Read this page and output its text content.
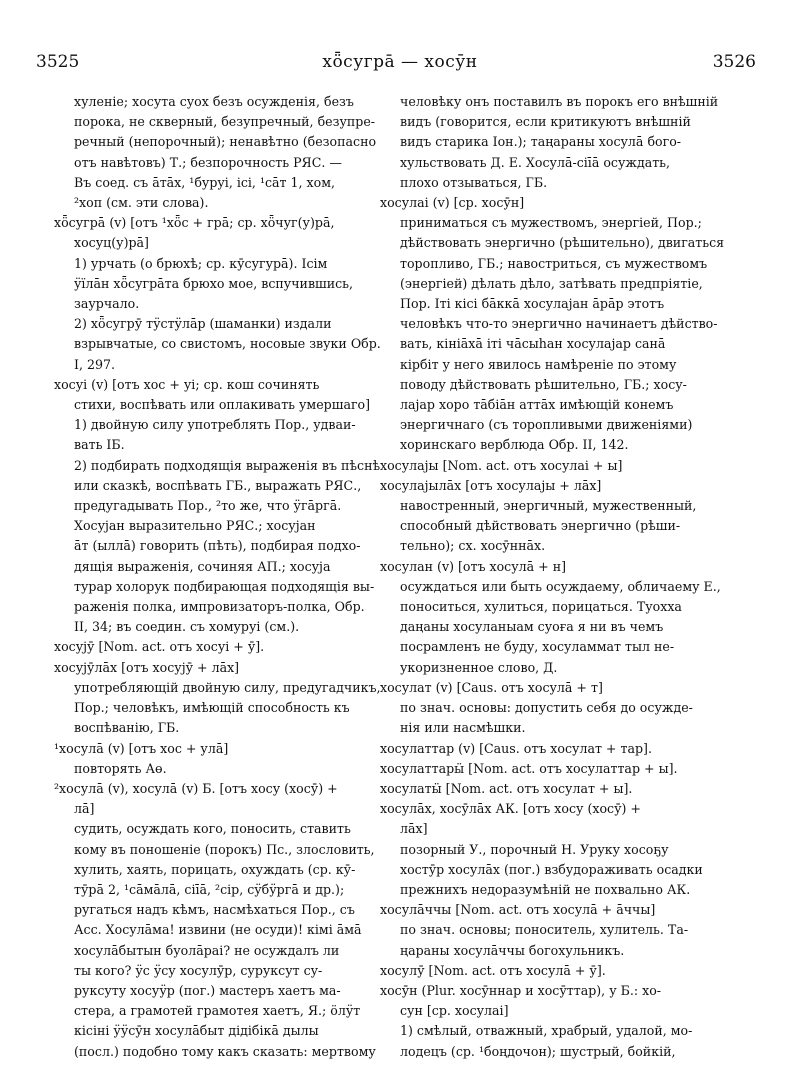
3525	хȫсугрā — хосӯн	3526
хуленіе; хосута суох безъ осужденія, безъ
порока, не скверный, безупречный, безупре-
речный (непорочный); ненавѣтно (безопасно
отъ навѣтовъ) Т.; безпорочность РЯС. —
Въ соед. съ āтāх, ¹буруі, ісі, ¹сāт 1, хом,
²хоп (см. эти слова).
хȫсугрā (v) [отъ ¹хȫс + грā; ср. хȫчуг(у)рā,
хосуц(у)рā]
1) урчать (о брюхѣ; ср. кӯсугурā). Ісім
ӱїлāн хȫсугрāта брюхо мое, вспучившись,
заурчало.
2) хȫсугрӯ тӱстӱлāр (шаманки) издали
взрывчатые, со свистомъ, носовые звуки Обр.
I, 297.
хосуі (v) [отъ хос + уі; ср. кош сочинять
стихи, воспѣвать или оплакивать умершаго]
1) двойную силу употреблять Пор., удваи-
вать ІБ.
2) подбирать подходящія выраженія въ пѣснѣ
или сказкѣ, воспѣвать ГБ., выражать РЯС.,
предугадывать Пор., ²то же, что ӱгāргā.
Хосуjан выразительно РЯС.; хосуjан
āт (ыллā) говорить (пѣть), подбирая подхо-
дящія выраженія, сочиняя АП.; хосуjа
турар холорук подбирающая подходящія вы-
раженія полка, импровизаторъ-полка, Обр.
II, 34; въ соедин. съ хомуруі (см.).
хосуjӯ [Nom. act. отъ хосуі + ӯ].
хосуjӯлāх [отъ хосуjӯ + лāх]
употребляющій двойную силу, предугадчикъ,
Пор.; человѣкъ, имѣющій способность къ
воспѣванію, ГБ.
¹хосулā (v) [отъ хос + улā]
повторять Аө.
²хосулā (v), хосулā (v) Б. [отъ хосу (хосӯ) +
лā]
судить, осуждать кого, поносить, ставить
кому въ поношеніе (порокъ) Пс., злословить,
хулить, хаять, порицать, охуждать (ср. кӯ-
тӯрā 2, ¹сāмāлā, сіīā, ²сір, сӱбӱргā и др.);
ругаться надъ кѣмъ, насмѣхаться Пор., съ
Асс. Хосулāма! извини (не осуди)! кімі āмā
хосулāбытын буолāраі? не осуждалъ ли
ты кого? ӱс ӱсу хосулӯр, суруксут су-
руксуту хосуӱр (пог.) мастеръ хаетъ ма-
стера, а грамотей грамотея хаетъ, Я.; ӧлӱт
кісіні ӱӱсӯн хосулāбыт дідібікā дылы
(посл.) подобно тому какъ сказать: мертвому
человѣку онъ поставилъ въ порокъ его внѣшній
видъ (говорится, если критикуютъ внѣшній
видъ старика Іон.); таңараны хосулā бого-
хульствовать Д. Е. Хосулā-сіīā осуждать,
плохо отзываться, ГБ.
хосулаі (v) [ср. хосӯн]
приниматься съ мужествомъ, энергіей, Пор.;
дѣйствовать энергично (рѣшительно), двигаться
торопливо, ГБ.; навостриться, съ мужествомъ
(энергіей) дѣлать дѣло, затѣвать предпріятіе,
Пор. Іті кісі бāккā хосулаjан āрāр этотъ
человѣкъ что-то энергично начинаетъ дѣйство-
вать, кініāхā іті чāсыһан хосулаjар санā
кірбіт у него явилось намѣреніе по этому
поводу дѣйствовать рѣшительно, ГБ.; хосу-
лаjар хоро тāбіāн аттāх имѣющій конемъ
энергичнаго (съ торопливыми движеніями)
хоринскаго верблюда Обр. II, 142.
хосулаjы [Nom. act. отъ хосулаі + ы]
хосулаjылāх [отъ хосулаjы + лāх]
навостренный, энергичный, мужественный,
способный дѣйствовать энергично (рѣши-
тельно); сх. хосӯннāх.
хосулан (v) [отъ хосулā + н]
осуждаться или быть осуждаему, обличаему Е.,
поноситься, хулиться, порицаться. Туохха
даңаны хосуланыам суоға я ни въ чемъ
посрамленъ не буду, хосуламмат тыл не-
укоризненное слово, Д.
хосулат (v) [Caus. отъ хосулā + т]
по знач. основы: допустить себя до осужде-
нія или насмѣшки.
хосулаттар (v) [Caus. отъ хосулат + тар].
хосулаттарӹ [Nom. act. отъ хосулаттар + ы].
хосулатӹ [Nom. act. отъ хосулат + ы].
хосулāх, хосӯлāх АК. [отъ хосу (хосӯ) +
лāх]
позорный У., порочный Н. Уруку хосоҕу
хостӯр хосулāх (пог.) взбудораживать осадки
прежнихъ недоразумѣній не похвально АК.
хосулāччы [Nom. act. отъ хосулā + āччы]
по знач. основы; поноситель, хулитель. Та-
ңараны хосулāччы богохульникъ.
хосулӯ [Nom. act. отъ хосулā + ӯ].
хосӯн (Plur. хосӯннар и хосӯттар), у Б.: хо-
сун [ср. хосулаі]
1) смѣлый, отважный, храбрый, удалой, мо-
лодецъ (ср. ¹боңдочон); шустрый, бойкій,
